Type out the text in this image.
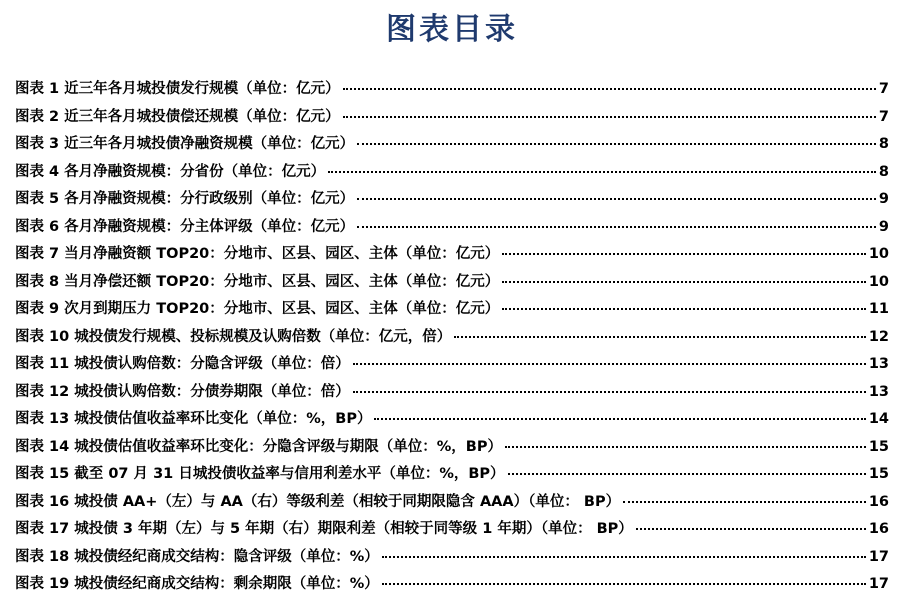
图表目录
图表 1 近三年各月城投债发行规模（单位：亿元）	7
图表 2 近三年各月城投债偿还规模（单位：亿元）	7
图表 3 近三年各月城投债净融资规模（单位：亿元）	8
图表 4 各月净融资规模：分省份（单位：亿元）	8
图表 5 各月净融资规模：分行政级别（单位：亿元）	9
图表 6 各月净融资规模：分主体评级（单位：亿元）	9
图表 7 当月净融资额 TOP20：分地市、区县、园区、主体（单位：亿元）	10
图表 8 当月净偿还额 TOP20：分地市、区县、园区、主体（单位：亿元）	10
图表 9 次月到期压力 TOP20：分地市、区县、园区、主体（单位：亿元）	11
图表 10 城投债发行规模、投标规模及认购倍数（单位：亿元，倍）	12
图表 11 城投债认购倍数：分隐含评级（单位：倍）	13
图表 12 城投债认购倍数：分债券期限（单位：倍）	13
图表 13 城投债估值收益率环比变化（单位：%，BP）	14
图表 14 城投债估值收益率环比变化：分隐含评级与期限（单位：%，BP）	15
图表 15 截至 07 月 31 日城投债收益率与信用利差水平（单位：%，BP）	15
图表 16 城投债 AA+（左）与 AA（右）等级利差（相较于同期限隐含 AAA）（单位： BP）	16
图表 17 城投债 3 年期（左）与 5 年期（右）期限利差（相较于同等级 1 年期）（单位： BP）	16
图表 18 城投债经纪商成交结构：隐含评级（单位：%）	17
图表 19 城投债经纪商成交结构：剩余期限（单位：%）	17
